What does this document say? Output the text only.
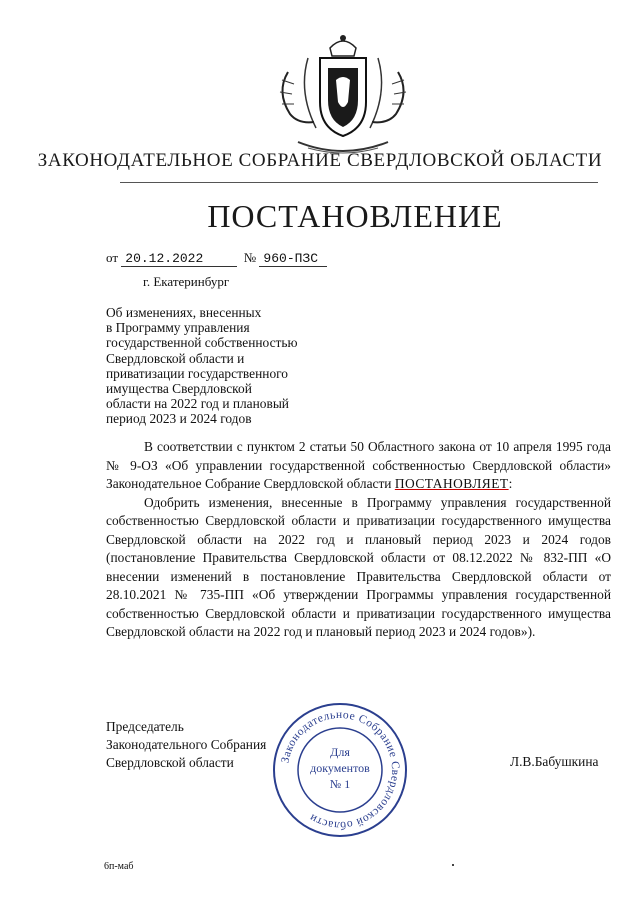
ЗАКОНОДАТЕЛЬНОЕ СОБРАНИЕ СВЕРДЛОВСКОЙ ОБЛАСТИ
ПОСТАНОВЛЕНИЕ
от 20.12.2022	№ 960-ПЗС
г. Екатеринбург
Об изменениях, внесенных
в Программу управления
государственной собственностью
Свердловской области и
приватизации государственного
имущества Свердловской
области на 2022 год и плановый
период 2023 и 2024 годов

В соответствии с пунктом 2 статьи 50 Областного закона от 10 апреля 1995 года № 9-ОЗ «Об управлении государственной собственностью Свердловской области» Законодательное Собрание Свердловской области ПОСТАНОВЛЯЕТ:

Одобрить изменения, внесенные в Программу управления государственной собственностью Свердловской области и приватизации государственного имущества Свердловской области на 2022 год и плановый период 2023 и 2024 годов (постановление Правительства Свердловской области от 08.12.2022 № 832-ПП «О внесении изменений в постановление Правительства Свердловской области от 28.10.2021 № 735-ПП «Об утверждении Программы управления государственной собственностью Свердловской области и приватизации государственного имущества Свердловской области на 2022 год и плановый период 2023 и 2024 годов»).

Председатель
Законодательного Собрания
Свердловской области	Л.В.Бабушкина
Законодательное Собрание Свердловской области
Для
документов
№ 1
6п-маб
